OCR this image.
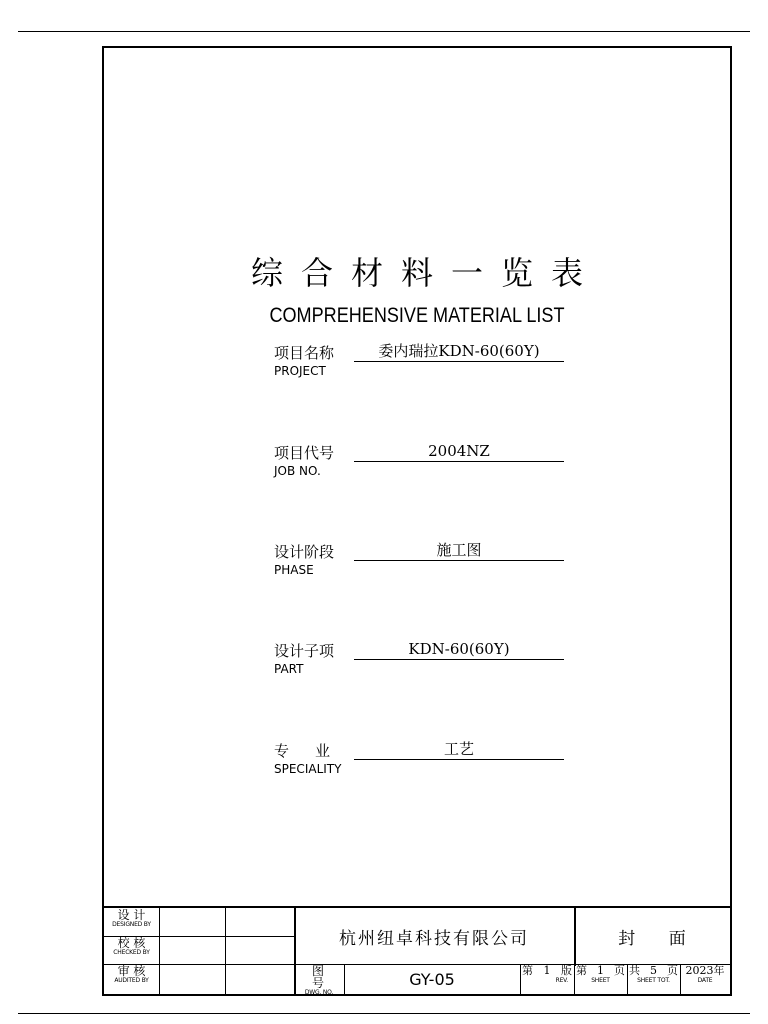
综合材料一览表
COMPREHENSIVE MATERIAL LIST
项目名称
PROJECT
委内瑞拉KDN-60(60Y)
项目代号
JOB NO.
2004NZ
设计阶段
PHASE
施工图
设计子项
PART
KDN-60(60Y)
专业
SPECIALITY
工艺
设 计
DESIGNED BY
校 核
CHECKED BY
审 核
AUDITED BY
杭州纽卓科技有限公司	封 面
图 号
DWG. NO.
GY-05	第 1 版
REV.
第 1 页
SHEET
共 5 页
SHEET TOT.
2023年
DATE
